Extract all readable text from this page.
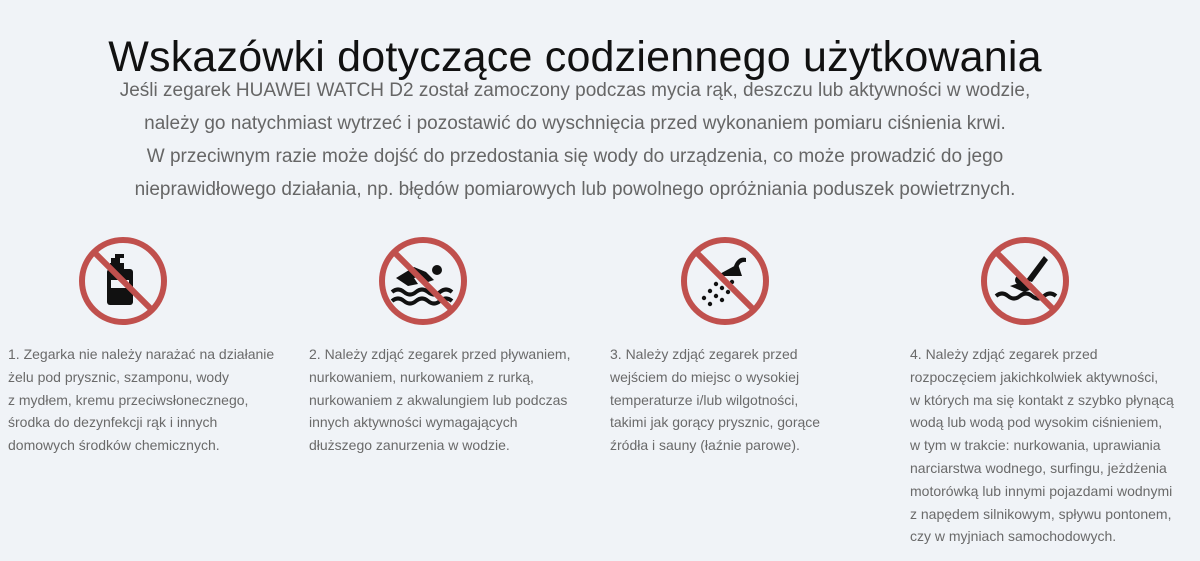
Wskazówki dotyczące codziennego użytkowania
Jeśli zegarek HUAWEI WATCH D2 został zamoczony podczas mycia rąk, deszczu lub aktywności w wodzie,
należy go natychmiast wytrzeć i pozostawić do wyschnięcia przed wykonaniem pomiaru ciśnienia krwi.
W przeciwnym razie może dojść do przedostania się wody do urządzenia, co może prowadzić do jego
nieprawidłowego działania, np. błędów pomiarowych lub powolnego opróżniania poduszek powietrznych.
1. Zegarka nie należy narażać na działanie
żelu pod prysznic, szamponu, wody
z mydłem, kremu przeciwsłonecznego,
środka do dezynfekcji rąk i innych
domowych środków chemicznych.
2. Należy zdjąć zegarek przed pływaniem,
nurkowaniem, nurkowaniem z rurką,
nurkowaniem z akwalungiem lub podczas
innych aktywności wymagających
dłuższego zanurzenia w wodzie.
3. Należy zdjąć zegarek przed
wejściem do miejsc o wysokiej
temperaturze i/lub wilgotności,
takimi jak gorący prysznic, gorące
źródła i sauny (łaźnie parowe).
4. Należy zdjąć zegarek przed
rozpoczęciem jakichkolwiek aktywności,
w których ma się kontakt z szybko płynącą
wodą lub wodą pod wysokim ciśnieniem,
w tym w trakcie: nurkowania, uprawiania
narciarstwa wodnego, surfingu, jeżdżenia
motorówką lub innymi pojazdami wodnymi
z napędem silnikowym, spływu pontonem,
czy w myjniach samochodowych.
